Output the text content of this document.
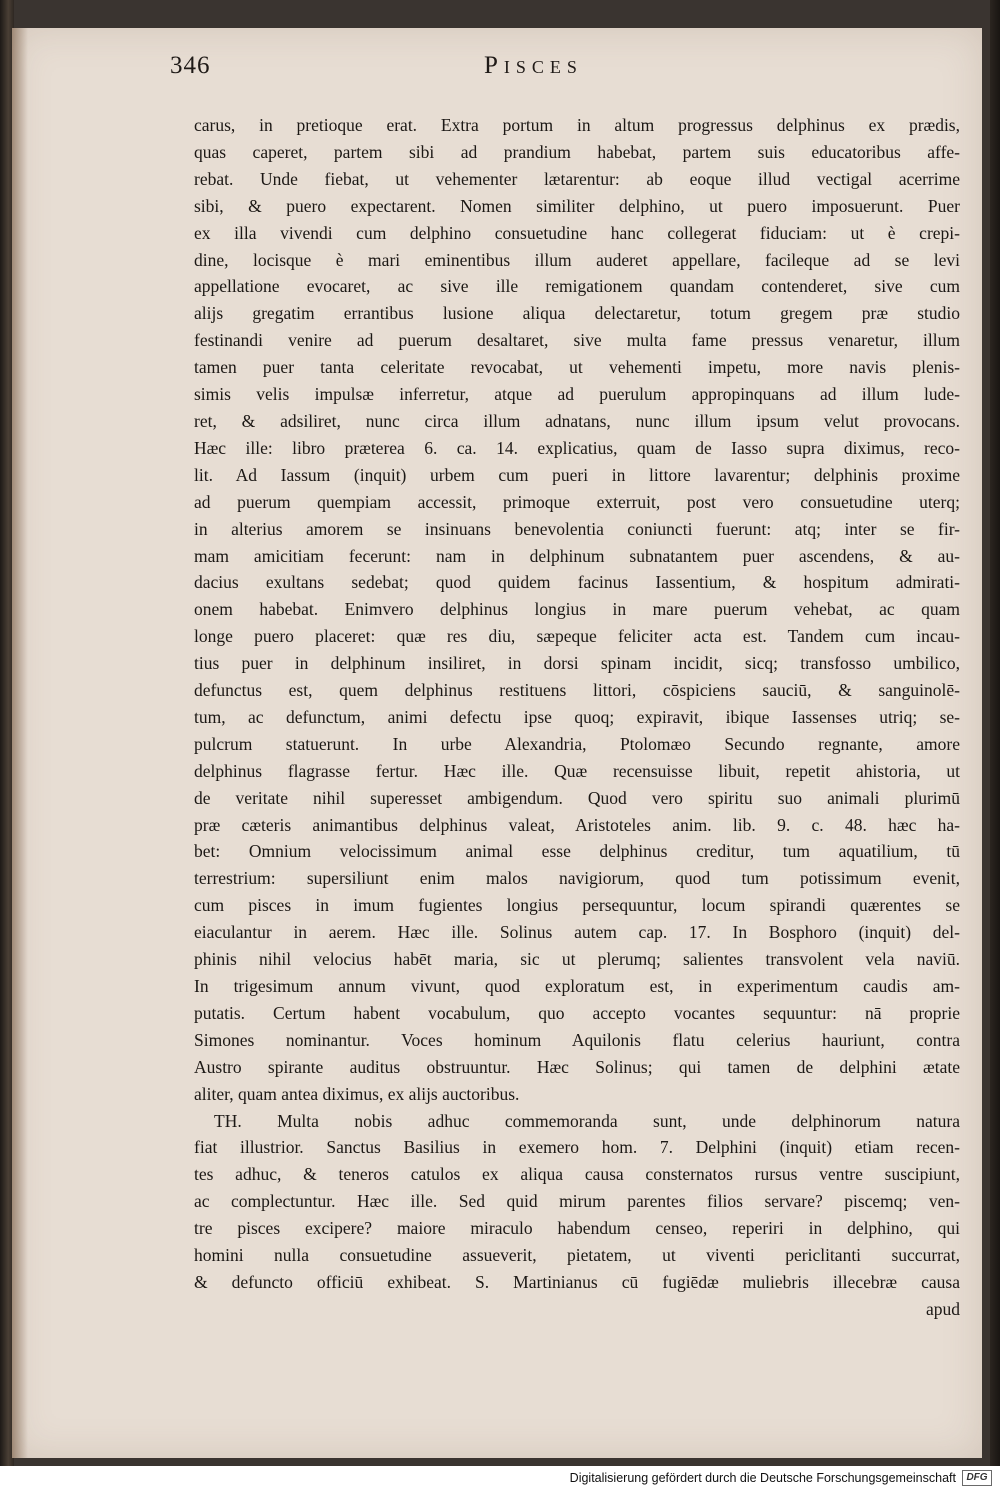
346	Pisces
carus, in pretioque erat. Extra portum in altum progressus delphinus ex prædis,
quas caperet, partem sibi ad prandium habebat, partem suis educatoribus affe-
rebat. Unde fiebat, ut vehementer lætarentur: ab eoque illud vectigal acerrime
sibi, & puero expectarent. Nomen similiter delphino, ut puero imposuerunt. Puer
ex illa vivendi cum delphino consuetudine hanc collegerat fiduciam: ut è crepi-
dine, locisque è mari eminentibus illum auderet appellare, facileque ad se levi
appellatione evocaret, ac sive ille remigationem quandam contenderet, sive cum
alijs gregatim errantibus lusione aliqua delectaretur, totum gregem præ studio
festinandi venire ad puerum desaltaret, sive multa fame pressus venaretur, illum
tamen puer tanta celeritate revocabat, ut vehementi impetu, more navis plenis-
simis velis impulsæ inferretur, atque ad puerulum appropinquans ad illum lude-
ret, & adsiliret, nunc circa illum adnatans, nunc illum ipsum velut provocans.
Hæc ille: libro præterea 6. ca. 14. explicatius, quam de Iasso supra diximus, reco-
lit. Ad Iassum (inquit) urbem cum pueri in littore lavarentur; delphinis proxime
ad puerum quempiam accessit, primoque exterruit, post vero consuetudine uterq;
in alterius amorem se insinuans benevolentia coniuncti fuerunt: atq; inter se fir-
mam amicitiam fecerunt: nam in delphinum subnatantem puer ascendens, & au-
dacius exultans sedebat; quod quidem facinus Iassentium, & hospitum admirati-
onem habebat. Enimvero delphinus longius in mare puerum vehebat, ac quam
longe puero placeret: quæ res diu, sæpeque feliciter acta est. Tandem cum incau-
tius puer in delphinum insiliret, in dorsi spinam incidit, sicq; transfosso umbilico,
defunctus est, quem delphinus restituens littori, cōspiciens sauciū, & sanguinolē-
tum, ac defunctum, animi defectu ipse quoq; expiravit, ibique Iassenses utriq; se-
pulcrum statuerunt. In urbe Alexandria, Ptolomæo Secundo regnante, amore
delphinus flagrasse fertur. Hæc ille. Quæ recensuisse libuit, repetit ahistoria, ut
de veritate nihil superesset ambigendum. Quod vero spiritu suo animali plurimū
præ cæteris animantibus delphinus valeat, Aristoteles anim. lib. 9. c. 48. hæc ha-
bet: Omnium velocissimum animal esse delphinus creditur, tum aquatilium, tū
terrestrium: supersiliunt enim malos navigiorum, quod tum potissimum evenit,
cum pisces in imum fugientes longius persequuntur, locum spirandi quærentes se
eiaculantur in aerem. Hæc ille. Solinus autem cap. 17. In Bosphoro (inquit) del-
phinis nihil velocius habēt maria, sic ut plerumq; salientes transvolent vela naviū.
In trigesimum annum vivunt, quod exploratum est, in experimentum caudis am-
putatis. Certum habent vocabulum, quo accepto vocantes sequuntur: nā proprie
Simones nominantur. Voces hominum Aquilonis flatu celerius hauriunt, contra
Austro spirante auditus obstruuntur. Hæc Solinus; qui tamen de delphini ætate
aliter, quam antea diximus, ex alijs auctoribus.
TH. Multa nobis adhuc commemoranda sunt, unde delphinorum natura
fiat illustrior. Sanctus Basilius in exemero hom. 7. Delphini (inquit) etiam recen-
tes adhuc, & teneros catulos ex aliqua causa consternatos rursus ventre suscipiunt,
ac complectuntur. Hæc ille. Sed quid mirum parentes filios servare? piscemq; ven-
tre pisces excipere? maiore miraculo habendum censeo, reperiri in delphino, qui
homini nulla consuetudine assueverit, pietatem, ut viventi periclitanti succurrat,
& defuncto officiū exhibeat. S. Martinianus cū fugiēdæ muliebris illecebræ causa
apud
Digitalisierung gefördert durch die Deutsche Forschungsgemeinschaft	DFG
